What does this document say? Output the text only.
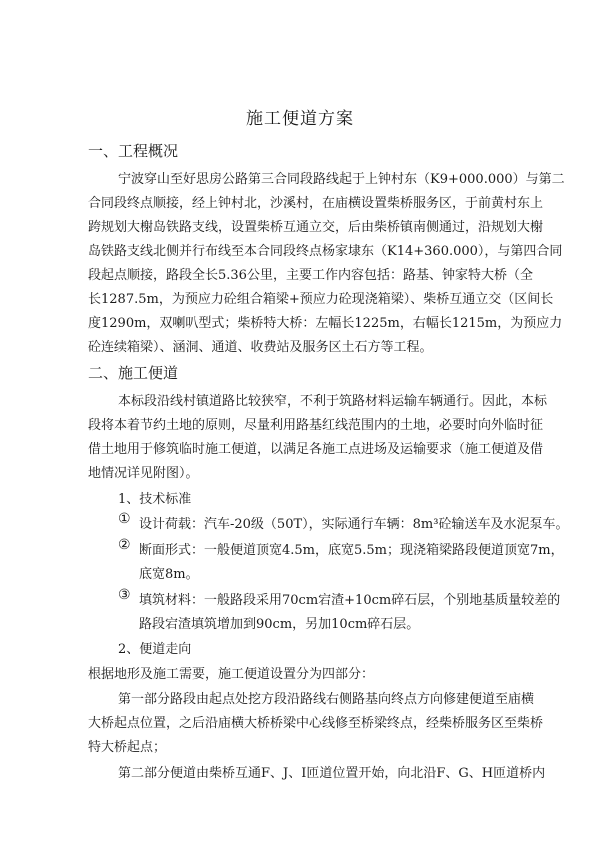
施工便道方案
一、工程概况
宁波穿山至好思房公路第三合同段路线起于上钟村东（K9+000.000）与第二
合同段终点顺接，经上钟村北，沙溪村，在庙横设置柴桥服务区，于前黄村东上
跨规划大榭岛铁路支线，设置柴桥互通立交，后由柴桥镇南侧通过，沿规划大榭
岛铁路支线北侧并行布线至本合同段终点杨家埭东（K14+360.000），与第四合同
段起点顺接，路段全长5.36公里，主要工作内容包括：路基、钟家特大桥（全
长1287.5m，为预应力砼组合箱梁+预应力砼现浇箱梁）、柴桥互通立交（区间长
度1290m，双喇叭型式；柴桥特大桥：左幅长1225m，右幅长1215m，为预应力
砼连续箱梁）、涵洞、通道、收费站及服务区土石方等工程。
二、施工便道
本标段沿线村镇道路比较狭窄，不利于筑路材料运输车辆通行。因此，本标
段将本着节约土地的原则，尽量利用路基红线范围内的土地，必要时向外临时征
借土地用于修筑临时施工便道，以满足各施工点进场及运输要求（施工便道及借
地情况详见附图）。
1、技术标准
① 设计荷载：汽车-20级（50T），实际通行车辆：8m³砼输送车及水泥泵车。
② 断面形式：一般便道顶宽4.5m，底宽5.5m；现浇箱梁路段便道顶宽7m，
底宽8m。
③ 填筑材料：一般路段采用70cm宕渣+10cm碎石层，个别地基质量较差的
路段宕渣填筑增加到90cm，另加10cm碎石层。
2、便道走向
根据地形及施工需要，施工便道设置分为四部分：
第一部分路段由起点处挖方段沿路线右侧路基向终点方向修建便道至庙横
大桥起点位置，之后沿庙横大桥桥梁中心线修至桥梁终点，经柴桥服务区至柴桥
特大桥起点；
第二部分便道由柴桥互通F、J、I匝道位置开始，向北沿F、G、H匝道桥内
